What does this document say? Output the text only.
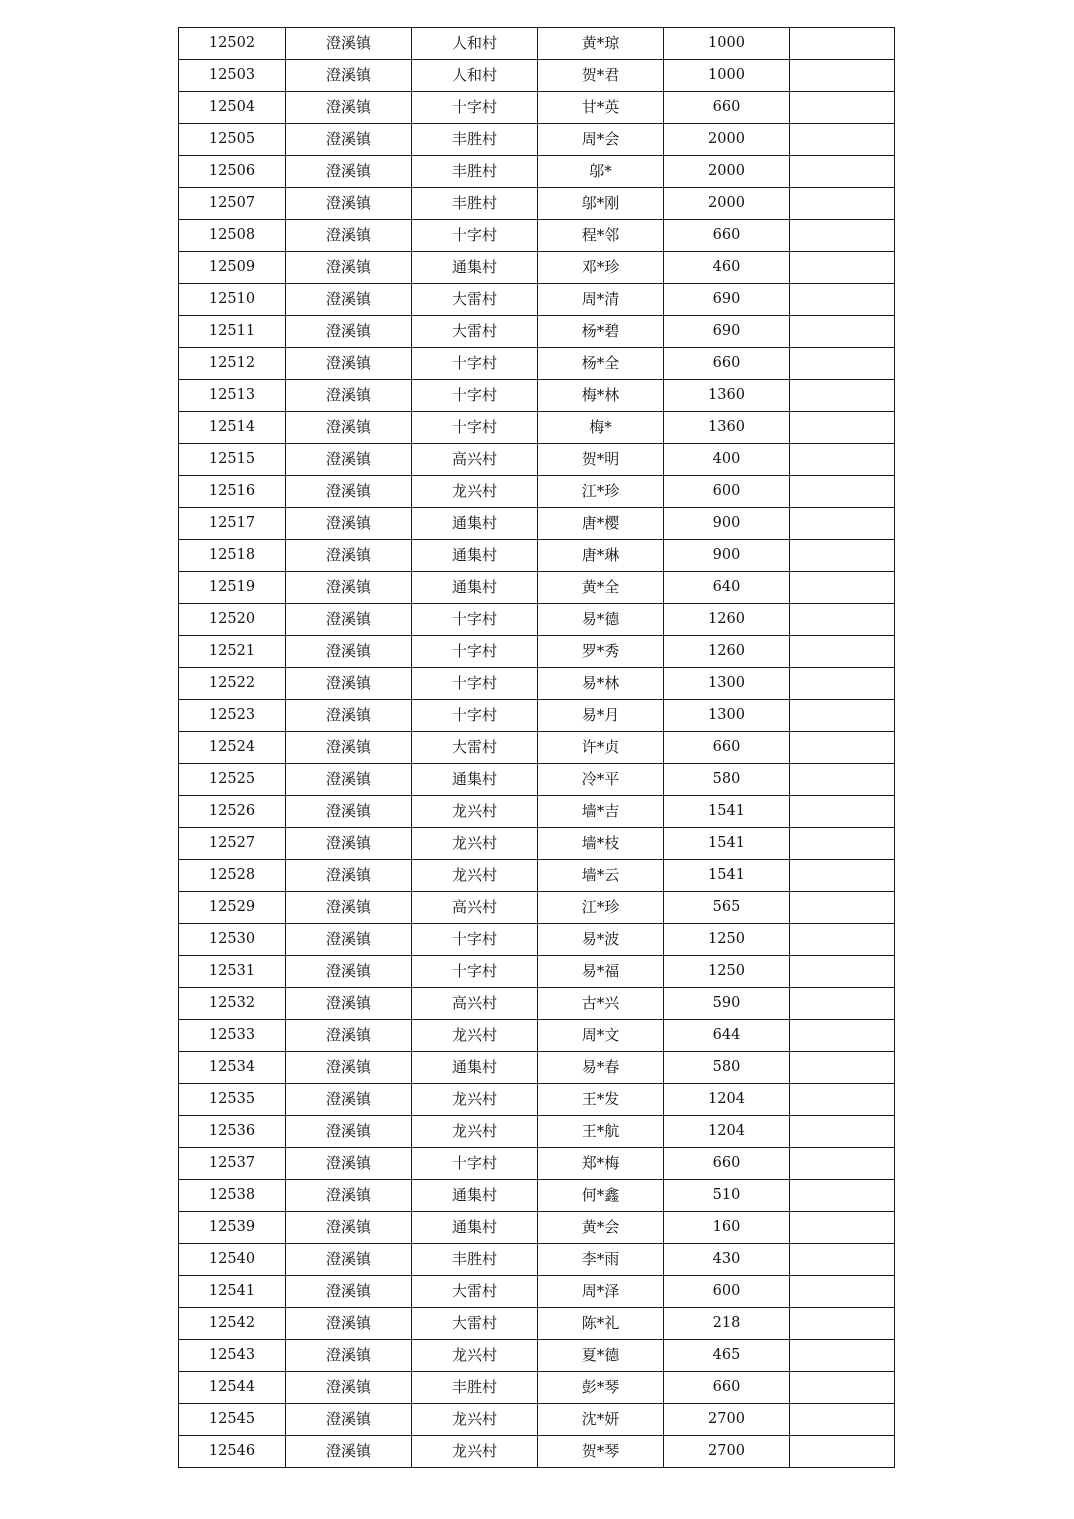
12502	澄溪镇	人和村	黄*琼	1000	
12503	澄溪镇	人和村	贺*君	1000	
12504	澄溪镇	十字村	甘*英	660	
12505	澄溪镇	丰胜村	周*会	2000	
12506	澄溪镇	丰胜村	邬*	2000	
12507	澄溪镇	丰胜村	邬*刚	2000	
12508	澄溪镇	十字村	程*邻	660	
12509	澄溪镇	通集村	邓*珍	460	
12510	澄溪镇	大雷村	周*清	690	
12511	澄溪镇	大雷村	杨*碧	690	
12512	澄溪镇	十字村	杨*全	660	
12513	澄溪镇	十字村	梅*林	1360	
12514	澄溪镇	十字村	梅*	1360	
12515	澄溪镇	高兴村	贺*明	400	
12516	澄溪镇	龙兴村	江*珍	600	
12517	澄溪镇	通集村	唐*樱	900	
12518	澄溪镇	通集村	唐*琳	900	
12519	澄溪镇	通集村	黄*全	640	
12520	澄溪镇	十字村	易*德	1260	
12521	澄溪镇	十字村	罗*秀	1260	
12522	澄溪镇	十字村	易*林	1300	
12523	澄溪镇	十字村	易*月	1300	
12524	澄溪镇	大雷村	许*贞	660	
12525	澄溪镇	通集村	冷*平	580	
12526	澄溪镇	龙兴村	墙*吉	1541	
12527	澄溪镇	龙兴村	墙*枝	1541	
12528	澄溪镇	龙兴村	墙*云	1541	
12529	澄溪镇	高兴村	江*珍	565	
12530	澄溪镇	十字村	易*波	1250	
12531	澄溪镇	十字村	易*福	1250	
12532	澄溪镇	高兴村	古*兴	590	
12533	澄溪镇	龙兴村	周*文	644	
12534	澄溪镇	通集村	易*春	580	
12535	澄溪镇	龙兴村	王*发	1204	
12536	澄溪镇	龙兴村	王*航	1204	
12537	澄溪镇	十字村	郑*梅	660	
12538	澄溪镇	通集村	何*鑫	510	
12539	澄溪镇	通集村	黄*会	160	
12540	澄溪镇	丰胜村	李*雨	430	
12541	澄溪镇	大雷村	周*泽	600	
12542	澄溪镇	大雷村	陈*礼	218	
12543	澄溪镇	龙兴村	夏*德	465	
12544	澄溪镇	丰胜村	彭*琴	660	
12545	澄溪镇	龙兴村	沈*妍	2700	
12546	澄溪镇	龙兴村	贺*琴	2700	
